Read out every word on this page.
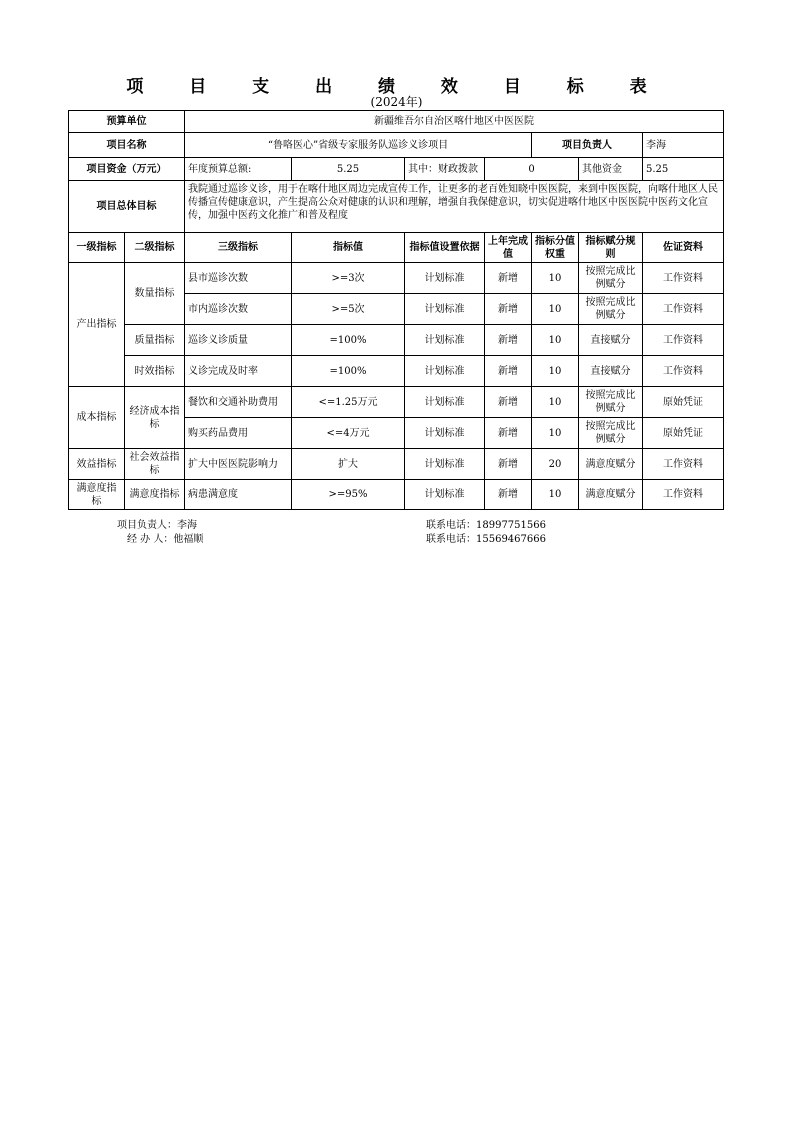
项 目 支 出 绩 效 目 标 表
(2024年)
预算单位		新疆维吾尔自治区喀什地区中医医院						
项目名称		“鲁咯医心”省级专家服务队巡诊义诊项目				项目负责人		李海
项目资金（万元）		年度预算总额:	5.25	其中：财政拨款	0		其他资金	5.25
项目总体目标		我院通过巡诊义诊，用于在喀什地区周边完成宣传工作，让更多的老百姓知晓中医医院，来到中医医院，向喀什地区人民传播宣传健康意识，产生提高公众对健康的认识和理解，增强自我保健意识，切实促进喀什地区中医医院中医药文化宣传，加强中医药文化推广和普及程度						
一级指标	二级指标	三级指标	指标值	指标值设置依据	上年完成值	指标分值权重	指标赋分规则	佐证资料
产出指标	数量指标	县市巡诊次数	>=3次	计划标准	新增	10	按照完成比例赋分	工作资料
		市内巡诊次数	>=5次	计划标准	新增	10	按照完成比例赋分	工作资料
	质量指标	巡诊义诊质量	=100%	计划标准	新增	10	直接赋分	工作资料
	时效指标	义诊完成及时率	=100%	计划标准	新增	10	直接赋分	工作资料
成本指标	经济成本指标	餐饮和交通补助费用	<=1.25万元	计划标准	新增	10	按照完成比例赋分	原始凭证
		购买药品费用	<=4万元	计划标准	新增	10	按照完成比例赋分	原始凭证
效益指标	社会效益指标	扩大中医医院影响力	扩大	计划标准	新增	20	满意度赋分	工作资料
满意度指标	满意度指标	病患满意度	>=95%	计划标准	新增	10	满意度赋分	工作资料
项目负责人：李海	联系电话：18997751566
经 办 人：他福顺	联系电话：15569467666
